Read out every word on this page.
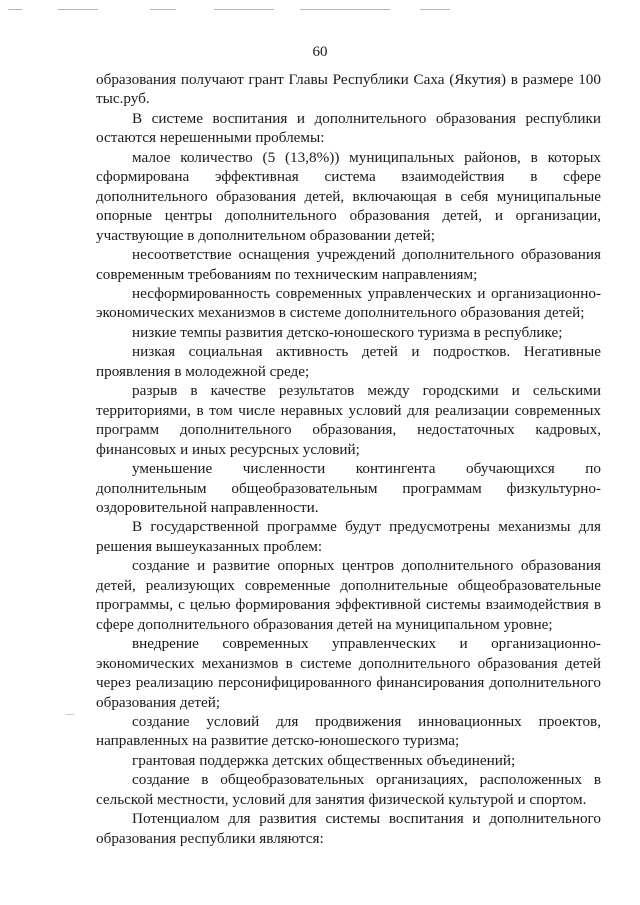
60

образования получают грант Главы Республики Саха (Якутия) в размере 100 тыс.руб.

В системе воспитания и дополнительного образования республики остаются нерешенными проблемы:

малое количество (5 (13,8%)) муниципальных районов, в которых сформирована эффективная система взаимодействия в сфере дополнительного образования детей, включающая в себя муниципальные опорные центры дополнительного образования детей, и организации, участвующие в дополнительном образовании детей;

несоответствие оснащения учреждений дополнительного образования современным требованиям по техническим направлениям;

несформированность современных управленческих и организационно-экономических механизмов в системе дополнительного образования детей;

низкие темпы развития детско-юношеского туризма в республике;

низкая социальная активность детей и подростков. Негативные проявления в молодежной среде;

разрыв в качестве результатов между городскими и сельскими территориями, в том числе неравных условий для реализации современных программ дополнительного образования, недостаточных кадровых, финансовых и иных ресурсных условий;

уменьшение численности контингента обучающихся по дополнительным общеобразовательным программам физкультурно-оздоровительной направленности.

В государственной программе будут предусмотрены механизмы для решения вышеуказанных проблем:

создание и развитие опорных центров дополнительного образования детей, реализующих современные дополнительные общеобразовательные программы, с целью формирования эффективной системы взаимодействия в сфере дополнительного образования детей на муниципальном уровне;

внедрение современных управленческих и организационно-экономических механизмов в системе дополнительного образования детей через реализацию персонифицированного финансирования дополнительного образования детей;

создание условий для продвижения инновационных проектов, направленных на развитие детско-юношеского туризма;

грантовая поддержка детских общественных объединений;

создание в общеобразовательных организациях, расположенных в сельской местности, условий для занятия физической культурой и спортом.

Потенциалом для развития системы воспитания и дополнительного образования республики являются:
